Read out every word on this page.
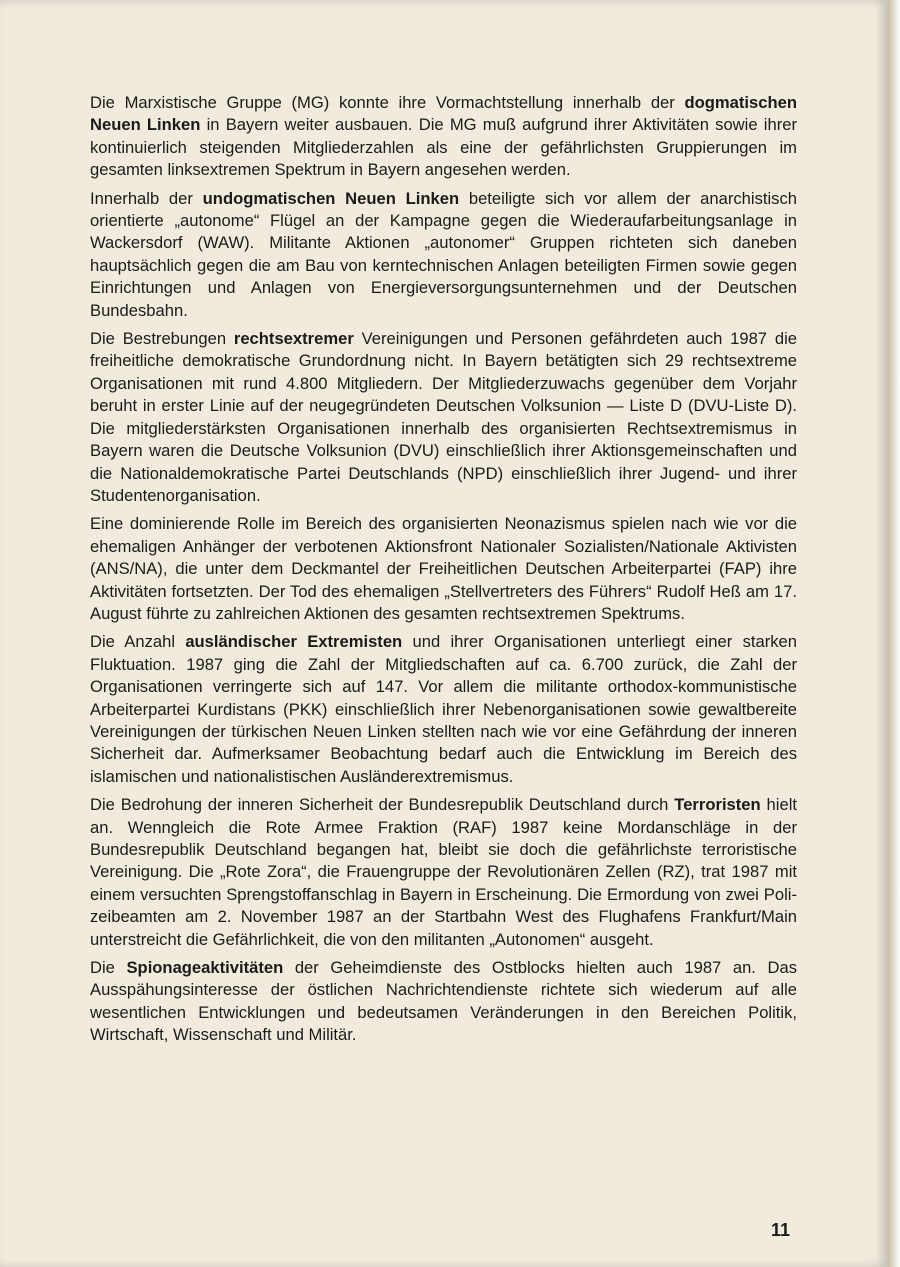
Die Marxistische Gruppe (MG) konnte ihre Vormachtstellung innerhalb der dogmatischen Neuen Linken in Bayern weiter ausbauen. Die MG muß aufgrund ihrer Aktivitäten sowie ihrer kontinuierlich steigenden Mitgliederzahlen als eine der gefährlichsten Gruppierungen im gesamten linksextremen Spektrum in Bayern angesehen werden.

Innerhalb der undogmatischen Neuen Linken beteiligte sich vor allem der anarchistisch orientierte „autonome“ Flügel an der Kampagne gegen die Wiederaufarbeitungsanlage in Wackersdorf (WAW). Militante Aktionen „autonomer“ Gruppen richteten sich daneben hauptsächlich gegen die am Bau von kerntechnischen Anlagen beteiligten Firmen sowie gegen Einrichtungen und Anlagen von Energieversorgungsunternehmen und der Deutschen Bundesbahn.

Die Bestrebungen rechtsextremer Vereinigungen und Personen gefährdeten auch 1987 die freiheitliche demokratische Grundordnung nicht. In Bayern betätigten sich 29 rechtsextreme Organisationen mit rund 4.800 Mitgliedern. Der Mitgliederzuwachs gegenüber dem Vorjahr beruht in erster Linie auf der neugegründeten Deutschen Volksunion — Liste D (DVU-Liste D). Die mitgliederstärksten Organisationen innerhalb des organisierten Rechtsextremismus in Bayern waren die Deutsche Volksunion (DVU) einschließlich ihrer Aktionsgemeinschaften und die Nationaldemokratische Partei Deutschlands (NPD) einschließlich ihrer Jugend- und ihrer Studentenorganisation.

Eine dominierende Rolle im Bereich des organisierten Neonazismus spielen nach wie vor die ehemaligen Anhänger der verbotenen Aktionsfront Nationaler Sozialisten/Nationale Aktivisten (ANS/NA), die unter dem Deckmantel der Freiheitlichen Deutschen Arbeiterpartei (FAP) ihre Aktivitäten fortsetzten. Der Tod des ehemaligen „Stellvertreters des Führers“ Rudolf Heß am 17. August führte zu zahlreichen Aktionen des gesamten rechtsextremen Spektrums.

Die Anzahl ausländischer Extremisten und ihrer Organisationen unterliegt einer starken Fluktuation. 1987 ging die Zahl der Mitgliedschaften auf ca. 6.700 zurück, die Zahl der Organisationen verringerte sich auf 147. Vor allem die militante orthodox-kommunistische Arbeiterpartei Kurdistans (PKK) einschließlich ihrer Nebenorganisationen sowie gewaltbereite Vereinigungen der türkischen Neuen Linken stellten nach wie vor eine Gefährdung der inneren Sicherheit dar. Aufmerksamer Beobachtung bedarf auch die Entwicklung im Bereich des islamischen und nationalistischen Ausländerextremismus.

Die Bedrohung der inneren Sicherheit der Bundesrepublik Deutschland durch Terroristen hielt an. Wenngleich die Rote Armee Fraktion (RAF) 1987 keine Mordanschläge in der Bundesrepublik Deutschland begangen hat, bleibt sie doch die gefährlichste terroristische Vereinigung. Die „Rote Zora“, die Frauengruppe der Revolutionären Zellen (RZ), trat 1987 mit einem versuchten Sprengstoffanschlag in Bayern in Erscheinung. Die Ermordung von zwei Polizeibeamten am 2. November 1987 an der Startbahn West des Flughafens Frankfurt/Main unterstreicht die Gefährlichkeit, die von den militanten „Autonomen“ ausgeht.

Die Spionageaktivitäten der Geheimdienste des Ostblocks hielten auch 1987 an. Das Ausspähungsinteresse der östlichen Nachrichtendienste richtete sich wiederum auf alle wesentlichen Entwicklungen und bedeutsamen Veränderungen in den Bereichen Politik, Wirtschaft, Wissenschaft und Militär.

11
